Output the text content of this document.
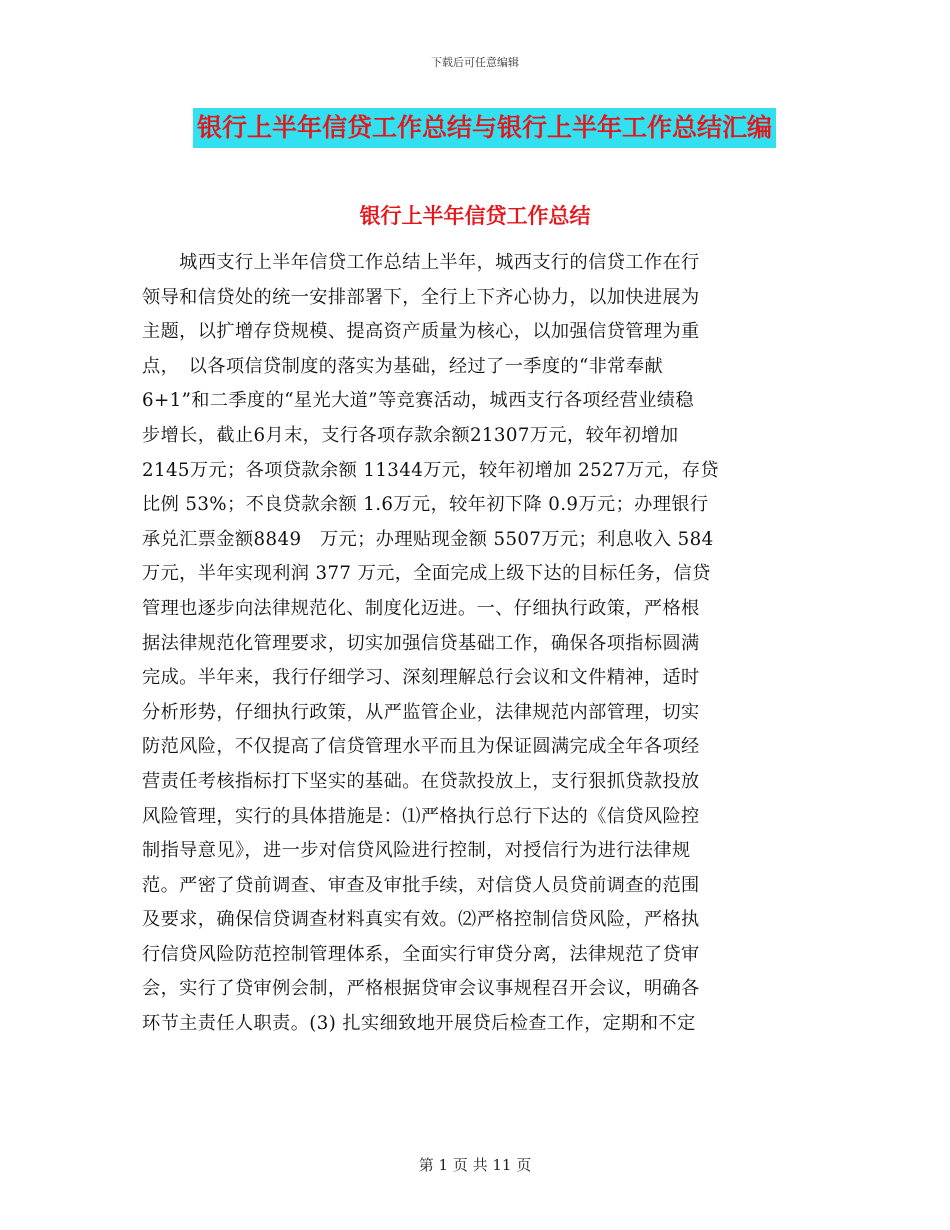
下载后可任意编辑
银行上半年信贷工作总结与银行上半年工作总结汇编
银行上半年信贷工作总结
　　城西支行上半年信贷工作总结上半年，城西支行的信贷工作在行
领导和信贷处的统一安排部署下，全行上下齐心协力，以加快进展为
主题，以扩增存贷规模、提高资产质量为核心，以加强信贷管理为重
点，　以各项信贷制度的落实为基础，经过了一季度的“非常奉献
6+1”和二季度的“星光大道”等竞赛活动，城西支行各项经营业绩稳
步增长，截止6月末，支行各项存款余额21307万元，较年初增加
2145万元；各项贷款余额 11344万元，较年初增加 2527万元，存贷
比例 53%；不良贷款余额 1.6万元，较年初下降 0.9万元；办理银行
承兑汇票金额8849　万元；办理贴现金额 5507万元；利息收入 584
万元，半年实现利润 377 万元，全面完成上级下达的目标任务，信贷
管理也逐步向法律规范化、制度化迈进。一、仔细执行政策，严格根
据法律规范化管理要求，切实加强信贷基础工作，确保各项指标圆满
完成。半年来，我行仔细学习、深刻理解总行会议和文件精神，适时
分析形势，仔细执行政策，从严监管企业，法律规范内部管理，切实
防范风险，不仅提高了信贷管理水平而且为保证圆满完成全年各项经
营责任考核指标打下坚实的基础。在贷款投放上，支行狠抓贷款投放
风险管理，实行的具体措施是：⑴严格执行总行下达的《信贷风险控
制指导意见》，进一步对信贷风险进行控制，对授信行为进行法律规
范。严密了贷前调查、审查及审批手续，对信贷人员贷前调查的范围
及要求，确保信贷调查材料真实有效。⑵严格控制信贷风险，严格执
行信贷风险防范控制管理体系，全面实行审贷分离，法律规范了贷审
会，实行了贷审例会制，严格根据贷审会议事规程召开会议，明确各
环节主责任人职责。(3) 扎实细致地开展贷后检查工作，定期和不定
第 1 页 共 11 页
